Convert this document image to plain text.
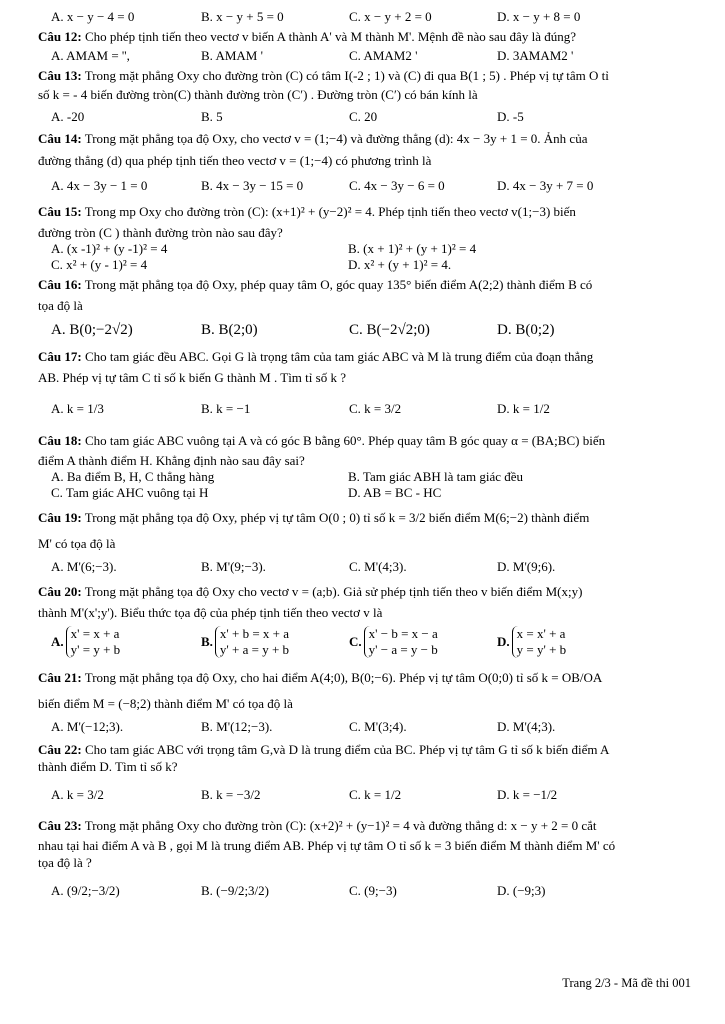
A. x − y − 4 = 0	B. x − y + 5 = 0	C. x − y + 2 = 0	D. x − y + 8 = 0

Câu 12: Cho phép tịnh tiến theo vectơ v biến A thành A' và M thành M'. Mệnh đề nào sau đây là đúng?

A. AMAM = '',	B. AMAM '	C. AMAM2 '	D. 3AMAM2 '

Câu 13: Trong mặt phẳng Oxy cho đường tròn (C) có tâm I(-2 ; 1) và (C) đi qua B(1 ; 5) . Phép vị tự tâm O tỉ

số k = - 4 biến đường tròn(C) thành đường tròn (C′) . Đường tròn (C′) có bán kính là

A. -20	B. 5	C. 20	D. -5

Câu 14: Trong mặt phẳng tọa độ Oxy, cho vectơ v = (1;−4) và đường thẳng (d): 4x − 3y + 1 = 0. Ảnh của

đường thẳng (d) qua phép tịnh tiến theo vectơ v = (1;−4) có phương trình là

A. 4x − 3y − 1 = 0	B. 4x − 3y − 15 = 0	C. 4x − 3y − 6 = 0	D. 4x − 3y + 7 = 0

Câu 15: Trong mp Oxy cho đường tròn (C): (x+1)² + (y−2)² = 4. Phép tịnh tiến theo vectơ v(1;−3) biến

đường tròn (C ) thành đường tròn nào sau đây?

A. (x -1)² + (y -1)² = 4	B. (x + 1)² + (y + 1)² = 4
C. x² + (y - 1)² = 4	D. x² + (y + 1)² = 4.

Câu 16: Trong mặt phẳng tọa độ Oxy, phép quay tâm O, góc quay 135° biến điểm A(2;2) thành điểm B có

tọa độ là

A. B(0;−2√2)	B. B(2;0)	C. B(−2√2;0)	D. B(0;2)

Câu 17: Cho tam giác đều ABC. Gọi G là trọng tâm của tam giác ABC và M là trung điểm của đoạn thẳng

AB. Phép vị tự tâm C tỉ số k biến G thành M . Tìm tỉ số k ?

A. k = 1/3	B. k = −1	C. k = 3/2	D. k = 1/2

Câu 18: Cho tam giác ABC vuông tại A và có góc B bằng 60°. Phép quay tâm B góc quay α = (BA;BC) biến

điểm A thành điểm H. Khẳng định nào sau đây sai?

A. Ba điểm B, H, C thẳng hàng	B. Tam giác ABH là tam giác đều
C. Tam giác AHC vuông tại H	D. AB = BC - HC

Câu 19: Trong mặt phẳng tọa độ Oxy, phép vị tự tâm O(0 ; 0) tỉ số k = 3/2 biến điểm M(6;−2) thành điểm

M' có tọa độ là

A. M'(6;−3).	B. M'(9;−3).	C. M'(4;3).	D. M'(9;6).

Câu 20: Trong mặt phẳng tọa độ Oxy cho vectơ v = (a;b). Giả sử phép tịnh tiến theo v biến điểm M(x;y)

thành M'(x';y'). Biểu thức tọa độ của phép tịnh tiến theo vectơ v là

A.
x' = x + a
y' = y + b
B.
x' + b = x + a
y' + a = y + b
C.
x' − b = x − a
y' − a = y − b
D.
x = x' + a
y = y' + b

Câu 21: Trong mặt phẳng tọa độ Oxy, cho hai điểm A(4;0), B(0;−6). Phép vị tự tâm O(0;0) tỉ số k = OB/OA

biến điểm M = (−8;2) thành điểm M' có tọa độ là

A. M'(−12;3).	B. M'(12;−3).	C. M'(3;4).	D. M'(4;3).

Câu 22: Cho tam giác ABC với trọng tâm G,và D là trung điểm của BC. Phép vị tự tâm G tỉ số k biến điểm A

thành điểm D. Tìm tỉ số k?

A. k = 3/2	B. k = −3/2	C. k = 1/2	D. k = −1/2

Câu 23: Trong mặt phẳng Oxy cho đường tròn (C): (x+2)² + (y−1)² = 4 và đường thẳng d: x − y + 2 = 0 cắt

nhau tại hai điểm A và B , gọi M là trung điểm AB. Phép vị tự tâm O tỉ số k = 3 biến điểm M thành điểm M' có

tọa độ là ?

A. (9/2;−3/2)	B. (−9/2;3/2)	C. (9;−3)	D. (−9;3)
Trang 2/3 - Mã đề thi 001
